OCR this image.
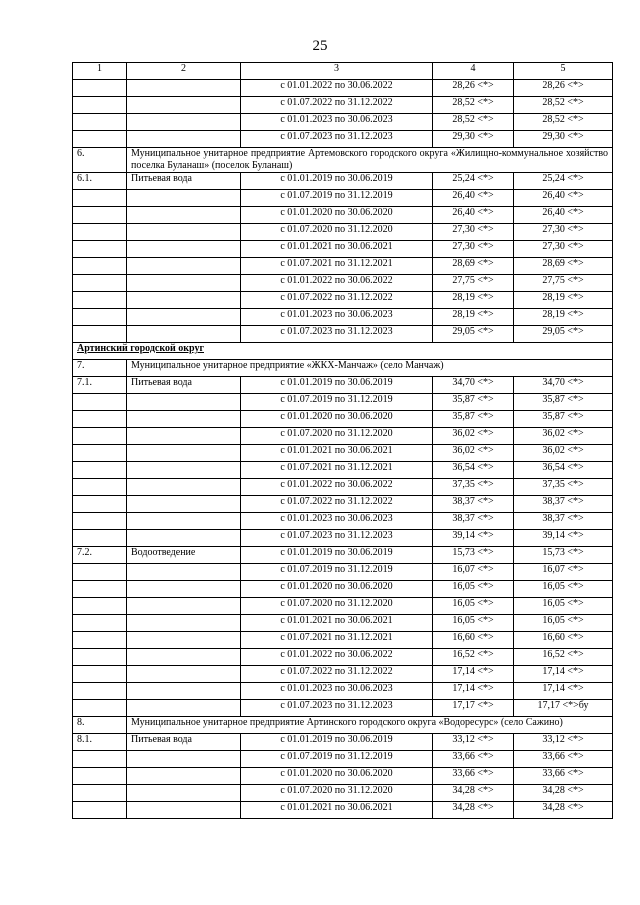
25
1	2	3	4	5
		с 01.01.2022 по 30.06.2022	28,26 <*>	28,26 <*>
		с 01.07.2022 по 31.12.2022	28,52 <*>	28,52 <*>
		с 01.01.2023 по 30.06.2023	28,52 <*>	28,52 <*>
		с 01.07.2023 по 31.12.2023	29,30 <*>	29,30 <*>
6.	Муниципальное унитарное предприятие Артемовского городского округа «Жилищно-коммунальное хозяйство поселка Буланаш» (поселок Буланаш)			
6.1.	Питьевая вода	с 01.01.2019 по 30.06.2019	25,24 <*>	25,24 <*>
		с 01.07.2019 по 31.12.2019	26,40 <*>	26,40 <*>
		с 01.01.2020 по 30.06.2020	26,40 <*>	26,40 <*>
		с 01.07.2020 по 31.12.2020	27,30 <*>	27,30 <*>
		с 01.01.2021 по 30.06.2021	27,30 <*>	27,30 <*>
		с 01.07.2021 по 31.12.2021	28,69 <*>	28,69 <*>
		с 01.01.2022 по 30.06.2022	27,75 <*>	27,75 <*>
		с 01.07.2022 по 31.12.2022	28,19 <*>	28,19 <*>
		с 01.01.2023 по 30.06.2023	28,19 <*>	28,19 <*>
		с 01.07.2023 по 31.12.2023	29,05 <*>	29,05 <*>
Артинский городской округ				
7.	Муниципальное унитарное предприятие «ЖКХ-Манчаж» (село Манчаж)			
7.1.	Питьевая вода	с 01.01.2019 по 30.06.2019	34,70 <*>	34,70 <*>
		с 01.07.2019 по 31.12.2019	35,87 <*>	35,87 <*>
		с 01.01.2020 по 30.06.2020	35,87 <*>	35,87 <*>
		с 01.07.2020 по 31.12.2020	36,02 <*>	36,02 <*>
		с 01.01.2021 по 30.06.2021	36,02 <*>	36,02 <*>
		с 01.07.2021 по 31.12.2021	36,54 <*>	36,54 <*>
		с 01.01.2022 по 30.06.2022	37,35 <*>	37,35 <*>
		с 01.07.2022 по 31.12.2022	38,37 <*>	38,37 <*>
		с 01.01.2023 по 30.06.2023	38,37 <*>	38,37 <*>
		с 01.07.2023 по 31.12.2023	39,14 <*>	39,14 <*>
7.2.	Водоотведение	с 01.01.2019 по 30.06.2019	15,73 <*>	15,73 <*>
		с 01.07.2019 по 31.12.2019	16,07 <*>	16,07 <*>
		с 01.01.2020 по 30.06.2020	16,05 <*>	16,05 <*>
		с 01.07.2020 по 31.12.2020	16,05 <*>	16,05 <*>
		с 01.01.2021 по 30.06.2021	16,05 <*>	16,05 <*>
		с 01.07.2021 по 31.12.2021	16,60 <*>	16,60 <*>
		с 01.01.2022 по 30.06.2022	16,52 <*>	16,52 <*>
		с 01.07.2022 по 31.12.2022	17,14 <*>	17,14 <*>
		с 01.01.2023 по 30.06.2023	17,14 <*>	17,14 <*>
		с 01.07.2023 по 31.12.2023	17,17 <*>	17,17 <*>бу
8.	Муниципальное унитарное предприятие Артинского городского округа «Водоресурс» (село Сажино)			
8.1.	Питьевая вода	с 01.01.2019 по 30.06.2019	33,12 <*>	33,12 <*>
		с 01.07.2019 по 31.12.2019	33,66 <*>	33,66 <*>
		с 01.01.2020 по 30.06.2020	33,66 <*>	33,66 <*>
		с 01.07.2020 по 31.12.2020	34,28 <*>	34,28 <*>
		с 01.01.2021 по 30.06.2021	34,28 <*>	34,28 <*>
